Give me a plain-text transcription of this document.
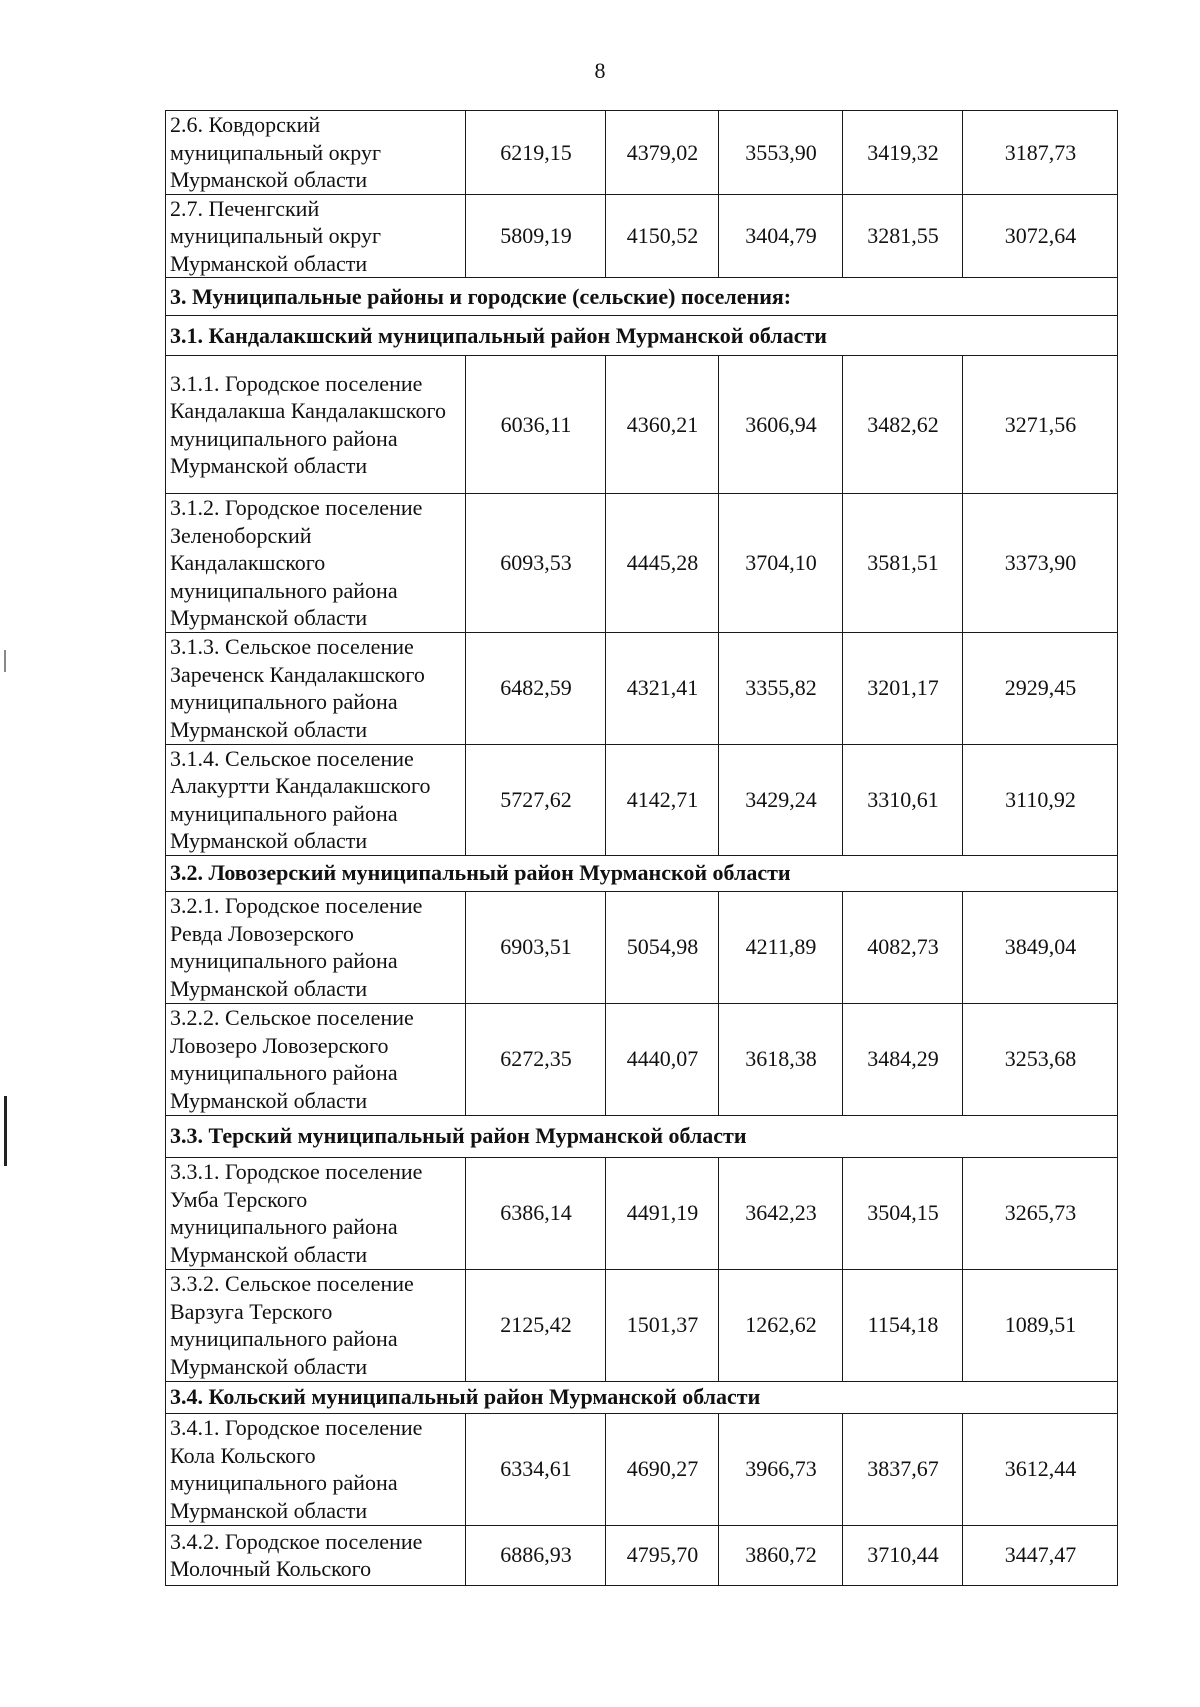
8
2.6. Ковдорский муниципальный округ Мурманской области	6219,15	4379,02	3553,90	3419,32	3187,73
2.7. Печенгский муниципальный округ Мурманской области	5809,19	4150,52	3404,79	3281,55	3072,64
3. Муниципальные районы и городские (сельские) поселения:					
3.1. Кандалакшский муниципальный район Мурманской области					
3.1.1. Городское поселение Кандалакша Кандалакшского муниципального района Мурманской области	6036,11	4360,21	3606,94	3482,62	3271,56
3.1.2. Городское поселение Зеленоборский Кандалакшского муниципального района Мурманской области	6093,53	4445,28	3704,10	3581,51	3373,90
3.1.3. Сельское поселение Зареченск Кандалакшского муниципального района Мурманской области	6482,59	4321,41	3355,82	3201,17	2929,45
3.1.4. Сельское поселение Алакуртти Кандалакшского муниципального района Мурманской области	5727,62	4142,71	3429,24	3310,61	3110,92
3.2. Ловозерский муниципальный район Мурманской области					
3.2.1. Городское поселение Ревда Ловозерского муниципального района Мурманской области	6903,51	5054,98	4211,89	4082,73	3849,04
3.2.2. Сельское поселение Ловозеро Ловозерского муниципального района Мурманской области	6272,35	4440,07	3618,38	3484,29	3253,68
3.3. Терский муниципальный район Мурманской области					
3.3.1. Городское поселение Умба Терского муниципального района Мурманской области	6386,14	4491,19	3642,23	3504,15	3265,73
3.3.2. Сельское поселение Варзуга Терского муниципального района Мурманской области	2125,42	1501,37	1262,62	1154,18	1089,51
3.4. Кольский муниципальный район Мурманской области					
3.4.1. Городское поселение Кола Кольского муниципального района Мурманской области	6334,61	4690,27	3966,73	3837,67	3612,44
3.4.2. Городское поселение Молочный Кольского	6886,93	4795,70	3860,72	3710,44	3447,47
